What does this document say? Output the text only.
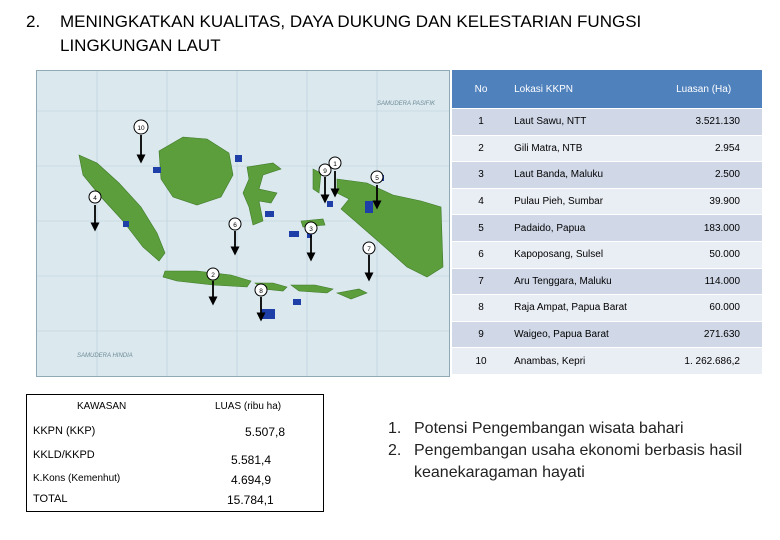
2. MENINGKATKAN KUALITAS, DAYA DUKUNG DAN KELESTARIAN FUNGSI
LINGKUNGAN LAUT
SAMUDERA PASIFIK
SAMUDERA HINDIA
10
9
1
5
4
6
3
7
2
8
No	Lokasi KKPN	Luasan (Ha)
1	Laut Sawu, NTT	3.521.130
2	Gili Matra, NTB	2.954
3	Laut Banda, Maluku	2.500
4	Pulau Pieh, Sumbar	39.900
5	Padaido, Papua	183.000
6	Kapoposang, Sulsel	50.000
7	Aru Tenggara, Maluku	114.000
8	Raja Ampat, Papua Barat	60.000
9	Waigeo, Papua Barat	271.630
10	Anambas, Kepri	1. 262.686,2
KAWASAN	LUAS (ribu ha)
KKPN (KKP)	5.507,8
KKLD/KKPD	5.581,4
K.Kons (Kemenhut)	4.694,9
TOTAL	15.784,1
1. Potensi Pengembangan wisata bahari
2. Pengembangan usaha ekonomi berbasis hasil keanekaragaman hayati
